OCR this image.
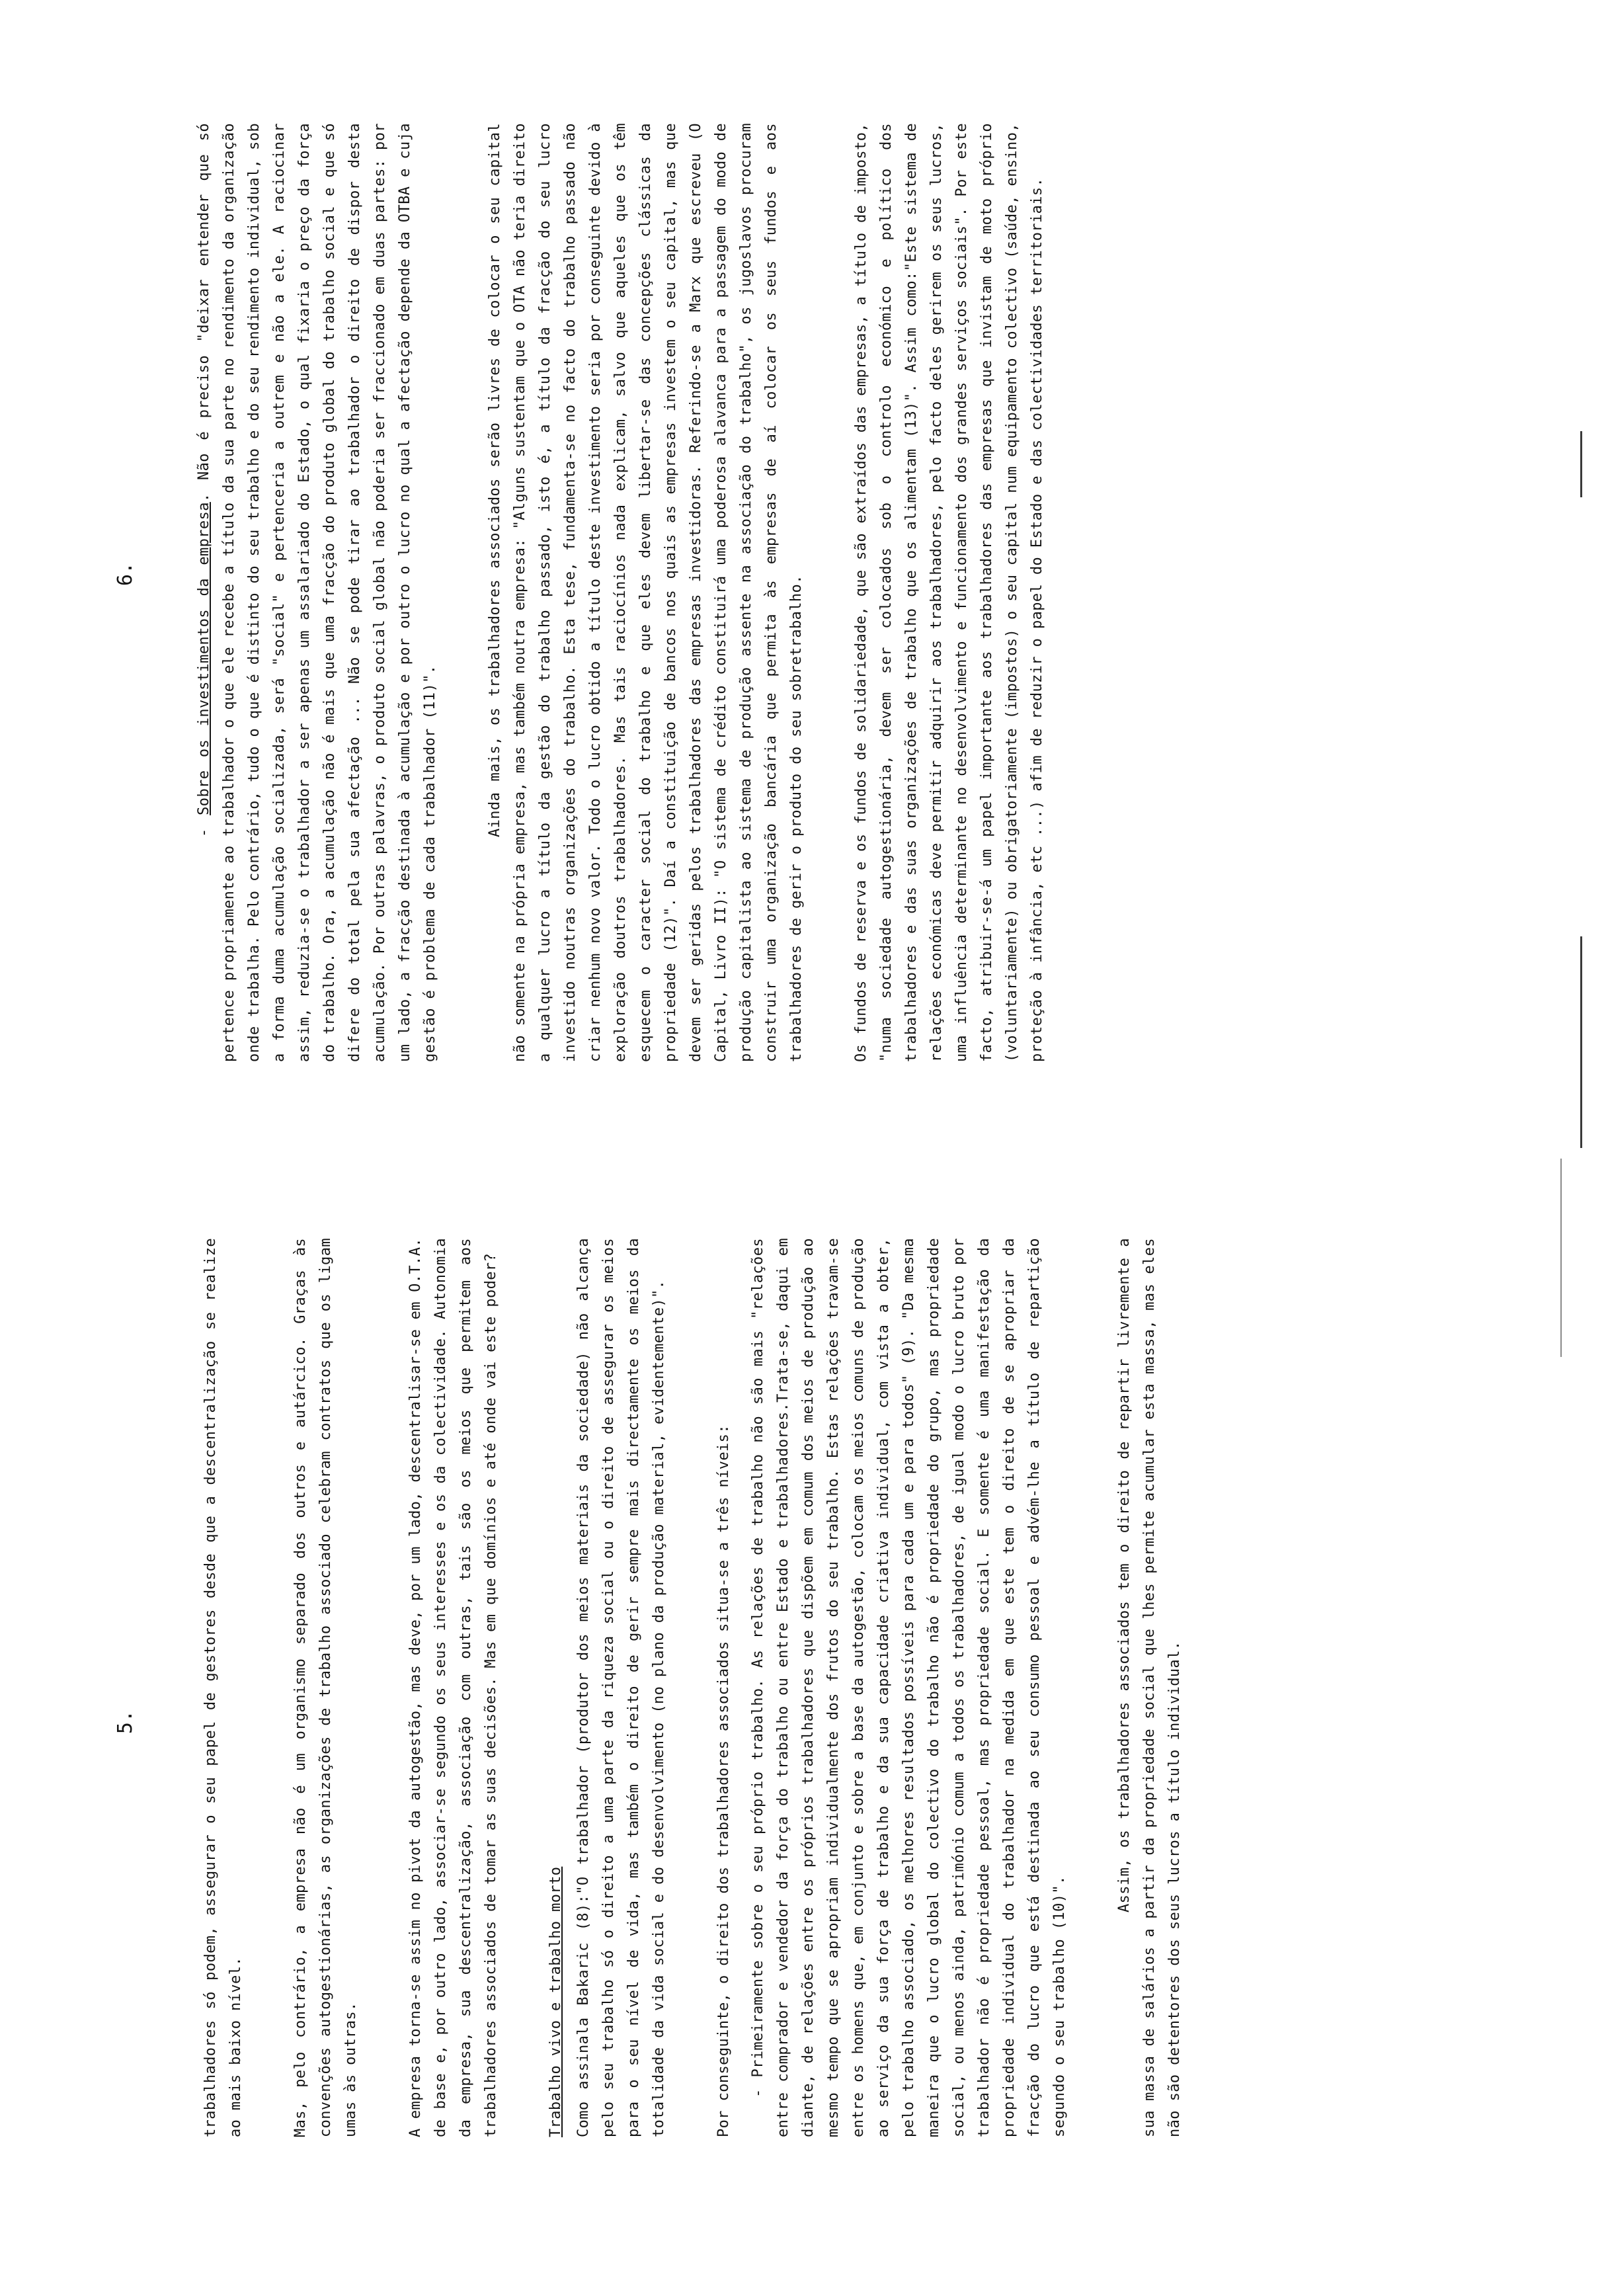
5.	trabalhadores só podem, assegurar o seu papel de gestores desde que a descentralização se realize ao mais baixo nível.	Mas, pelo contrário, a empresa não é um organismo separado dos outros e autárcico. Graças às convenções autogestionárias, as organizações de trabalho associado celebram contratos que os ligam umas às outras.	A empresa torna-se assim no pivot da autogestão, mas deve, por um lado, descentralisar-se em O.T.A. de base e, por outro lado, associar-se segundo os seus interesses e os da colectividade. Autonomia da empresa, sua descentralização, associação com outras, tais são os meios que permitem aos trabalhadores associados de tomar as suas decisões. Mas em que domínios e até onde vai este poder?	Trabalho vivo e trabalho morto Como assinala Bakaric (8):"O trabalhador (produtor dos meios materiais da sociedade) não alcança pelo seu trabalho só o direito a uma parte da riqueza social ou o direito de assegurar os meios para o seu nível de vida, mas também o direito de gerir sempre mais directamente os meios da totalidade da vida social e do desenvolvimento (no plano da produção material, evidentemente)".	Por conseguinte, o direito dos trabalhadores associados situa-se a três níveis:	- Primeiramente sobre o seu próprio trabalho. As relações de trabalho não são mais "relações entre comprador e vendedor da força do trabalho ou entre Estado e trabalhadores.Trata-se, daqui em diante, de relações entre os próprios trabalhadores que dispõem em comum dos meios de produção ao mesmo tempo que se apropriam individualmente dos frutos do seu trabalho. Estas relações travam-se entre os homens que, em conjunto e sobre a base da autogestão, colocam os meios comuns de produção ao serviço da sua força de trabalho e da sua capacidade criativa individual, com vista a obter, pelo trabalho associado, os melhores resultados possíveis para cada um e para todos" (9). "Da mesma maneira que o lucro global do colectivo do trabalho não é propriedade do grupo, mas propriedade social, ou menos ainda, património comum a todos os trabalhadores, de igual modo o lucro bruto por trabalhador não é propriedade pessoal, mas propriedade social. E somente é uma manifestação da propriedade individual do trabalhador na medida em que este tem o direito de se apropriar da fracção do lucro que está destinada ao seu consumo pessoal e advém-lhe a título de repartição segundo o seu trabalho (10)".

Assim, os trabalhadores associados tem o direito de repartir livremente a sua massa de salários a partir da propriedade social que lhes permite acumular esta massa, mas eles não são detentores dos seus lucros a título individual.

6.

- Sobre os investimentos da empresa. Não é preciso "deixar entender que só pertence propriamente ao trabalhador o que ele recebe a título da sua parte no rendimento da organização onde trabalha. Pelo contrário, tudo o que é distinto do seu trabalho e do seu rendimento individual, sob a forma duma acumulação socializada, será "social" e pertenceria a outrem e não a ele. A raciocinar assim, reduzia-se o trabalhador a ser apenas um assalariado do Estado, o qual fixaria o preço da força do trabalho. Ora, a acumulação não é mais que uma fracção do produto global do trabalho social e que só difere do total pela sua afectação ... Não se pode tirar ao trabalhador o direito de dispor desta acumulação. Por outras palavras, o produto social global não poderia ser fraccionado em duas partes: por um lado, a fracção destinada à acumulação e por outro o lucro no qual a afectação depende da OTBA e cuja gestão é problema de cada trabalhador (11)".

Ainda mais, os trabalhadores associados serão livres de colocar o seu capital não somente na própria empresa, mas também noutra empresa: "Alguns sustentam que o OTA não teria direito a qualquer lucro a título da gestão do trabalho passado, isto é, a título da fracção do seu lucro investido noutras organizações do trabalho. Esta tese, fundamenta-se no facto do trabalho passado não criar nenhum novo valor. Todo o lucro obtido a título deste investimento seria por conseguinte devido à exploração doutros trabalhadores. Mas tais raciocínios nada explicam, salvo que aqueles que os têm esquecem o caracter social do trabalho e que eles devem libertar-se das concepções clássicas da propriedade (12)". Daí a constituição de bancos nos quais as empresas investem o seu capital, mas que devem ser geridas pelos trabalhadores das empresas investidoras. Referindo-se a Marx que escreveu (O Capital, Livro II): "O sistema de crédito constituirá uma poderosa alavanca para a passagem do modo de produção capitalista ao sistema de produção assente na associação do trabalho", os jugoslavos procuram construir uma organização bancária que permita às empresas de aí colocar os seus fundos e aos trabalhadores de gerir o produto do seu sobretrabalho.	Os fundos de reserva e os fundos de solidariedade, que são extraídos das empresas, a título de imposto, "numa sociedade autogestionária, devem ser colocados sob o controlo económico e político dos trabalhadores e das suas organizações de trabalho que os alimentam (13)". Assim como:"Este sistema de relações económicas deve permitir adquirir aos trabalhadores, pelo facto deles gerirem os seus lucros, uma influência determinante no desenvolvimento e funcionamento dos grandes serviços sociais". Por este facto, atribuir-se-á um papel importante aos trabalhadores das empresas que invistam de moto próprio (voluntariamente) ou obrigatoriamente (impostos) o seu capital num equipamento colectivo (saúde, ensino, proteção à infância, etc ...) afim de reduzir o papel do Estado e das colectividades territoriais.
